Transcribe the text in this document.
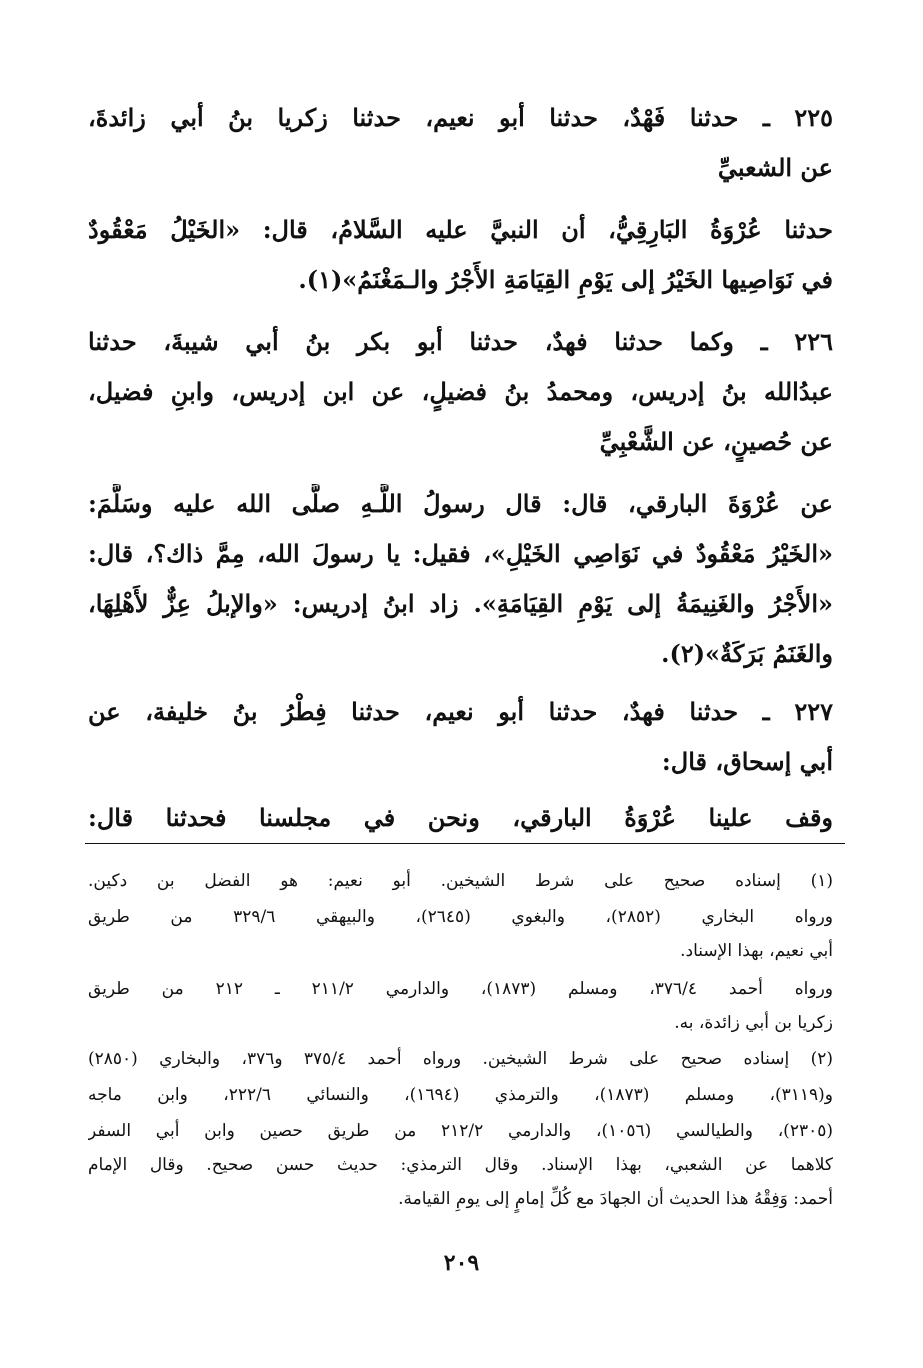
٢٢٥ ـ حدثنا فَهْدٌ، حدثنا أبو نعيم، حدثنا زكريا بنُ أبي زائدةَ،
عن الشعبيِّ
حدثنا عُرْوَةُ البَارِقِيُّ، أن النبيَّ عليه السَّلامُ، قال: «الخَيْلُ مَعْقُودٌ
في نَوَاصِيها الخَيْرُ إلى يَوْمِ القِيَامَةِ الأَجْرُ والـمَغْنَمُ»(١).
٢٢٦ ـ وكما حدثنا فهدٌ، حدثنا أبو بكر بنُ أبي شيبةَ، حدثنا
عبدُالله بنُ إدريس، ومحمدُ بنُ فضيلٍ، عن ابن إدريس، وابنِ فضيل،
عن حُصينٍ، عن الشَّعْبِيِّ
عن عُرْوَةَ البارقي، قال: قال رسولُ اللَّـهِ صلَّى الله عليه وسَلَّمَ:
«الخَيْرُ مَعْقُودٌ في نَوَاصِي الخَيْلِ»، فقيل: يا رسولَ الله، مِمَّ ذاك؟، قال:
«الأَجْرُ والغَنِيمَةُ إلى يَوْمِ القِيَامَةِ». زاد ابنُ إدريس: «والإبلُ عِزٌّ لأَهْلِهَا،
والغَنَمُ بَرَكَةٌ»(٢).
٢٢٧ ـ حدثنا فهدٌ، حدثنا أبو نعيم، حدثنا فِطْرُ بنُ خليفة، عن
أبي إسحاق، قال:
وقف علينا عُرْوَةُ البارقي، ونحن في مجلسنا فحدثنا قال:
(١) إسناده صحيح على شرط الشيخين. أبو نعيم: هو الفضل بن دكين.
ورواه البخاري (٢٨٥٢)، والبغوي (٢٦٤٥)، والبيهقي ٣٢٩/٦ من طريق
أبي نعيم، بهذا الإسناد.
ورواه أحمد ٣٧٦/٤، ومسلم (١٨٧٣)، والدارمي ٢١١/٢ ـ ٢١٢ من طريق
زكريا بن أبي زائدة، به.
(٢) إسناده صحيح على شرط الشيخين. ورواه أحمد ٣٧٥/٤ و٣٧٦، والبخاري (٢٨٥٠)
و(٣١١٩)، ومسلم (١٨٧٣)، والترمذي (١٦٩٤)، والنسائي ٢٢٢/٦، وابن ماجه
(٢٣٠٥)، والطيالسي (١٠٥٦)، والدارمي ٢١٢/٢ من طريق حصين وابن أبي السفر
كلاهما عن الشعبي، بهذا الإسناد. وقال الترمذي: حديث حسن صحيح. وقال الإمام
أحمد: وَفِقْهُ هذا الحديث أن الجهادَ مع كُلِّ إمامٍ إلى يومِ القيامة.
٢٠٩
